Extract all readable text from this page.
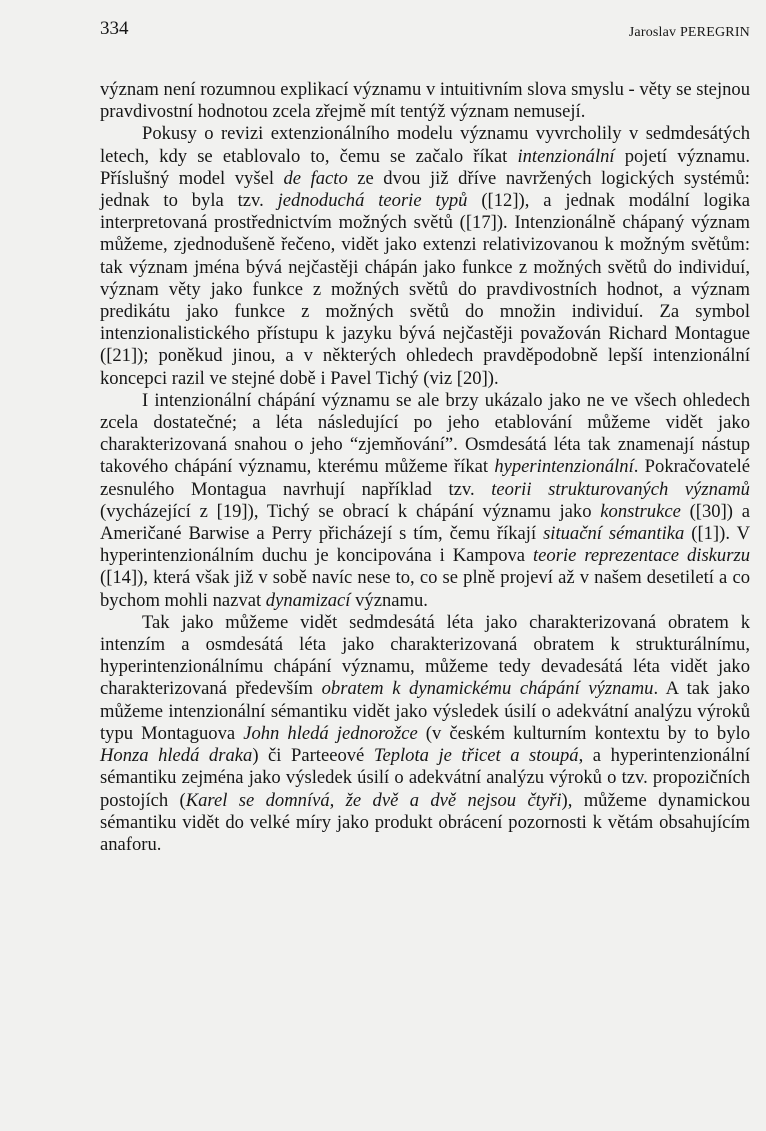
334	Jaroslav PEREGRIN

význam není rozumnou explikací významu v intuitivním slova smyslu - věty se stejnou pravdivostní hodnotou zcela zřejmě mít tentýž význam nemusejí.

Pokusy o revizi extenzionálního modelu významu vyvrcholily v sedmdesátých letech, kdy se etablovalo to, čemu se začalo říkat intenzionální pojetí významu. Příslušný model vyšel de facto ze dvou již dříve navržených logických systémů: jednak to byla tzv. jednoduchá teorie typů ([12]), a jednak modální logika interpretovaná prostřednictvím možných světů ([17]). Intenzionálně chápaný význam můžeme, zjednodušeně řečeno, vidět jako extenzi relativizovanou k možným světům: tak význam jména bývá nejčastěji chápán jako funkce z možných světů do individuí, význam věty jako funkce z možných světů do pravdivostních hodnot, a význam predikátu jako funkce z možných světů do množin individuí. Za symbol intenzionalistického přístupu k jazyku bývá nejčastěji považován Richard Montague ([21]); poněkud jinou, a v některých ohledech pravděpodobně lepší intenzionální koncepci razil ve stejné době i Pavel Tichý (viz [20]).

I intenzionální chápání významu se ale brzy ukázalo jako ne ve všech ohledech zcela dostatečné; a léta následující po jeho etablování můžeme vidět jako charakterizovaná snahou o jeho “zjemňování”. Osmdesátá léta tak znamenají nástup takového chápání významu, kterému můžeme říkat hyperintenzionální. Pokračovatelé zesnulého Montagua navrhují například tzv. teorii strukturovaných významů (vycházející z [19]), Tichý se obrací k chápání významu jako konstrukce ([30]) a Američané Barwise a Perry přicházejí s tím, čemu říkají situační sémantika ([1]). V hyperintenzionálním duchu je koncipována i Kampova teorie reprezentace diskurzu ([14]), která však již v sobě navíc nese to, co se plně projeví až v našem desetiletí a co bychom mohli nazvat dynamizací významu.

Tak jako můžeme vidět sedmdesátá léta jako charakterizovaná obratem k intenzím a osmdesátá léta jako charakterizovaná obratem k strukturálnímu, hyperintenzionálnímu chápání významu, můžeme tedy devadesátá léta vidět jako charakterizovaná především obratem k dynamickému chápání významu. A tak jako můžeme intenzionální sémantiku vidět jako výsledek úsilí o adekvátní analýzu výroků typu Montaguova John hledá jednorožce (v českém kulturním kontextu by to bylo Honza hledá draka) či Parteeové Teplota je třicet a stoupá, a hyperintenzionální sémantiku zejména jako výsledek úsilí o adekvátní analýzu výroků o tzv. propozičních postojích (Karel se domnívá, že dvě a dvě nejsou čtyři), můžeme dynamickou sémantiku vidět do velké míry jako produkt obrácení pozornosti k větám obsahujícím anaforu.
